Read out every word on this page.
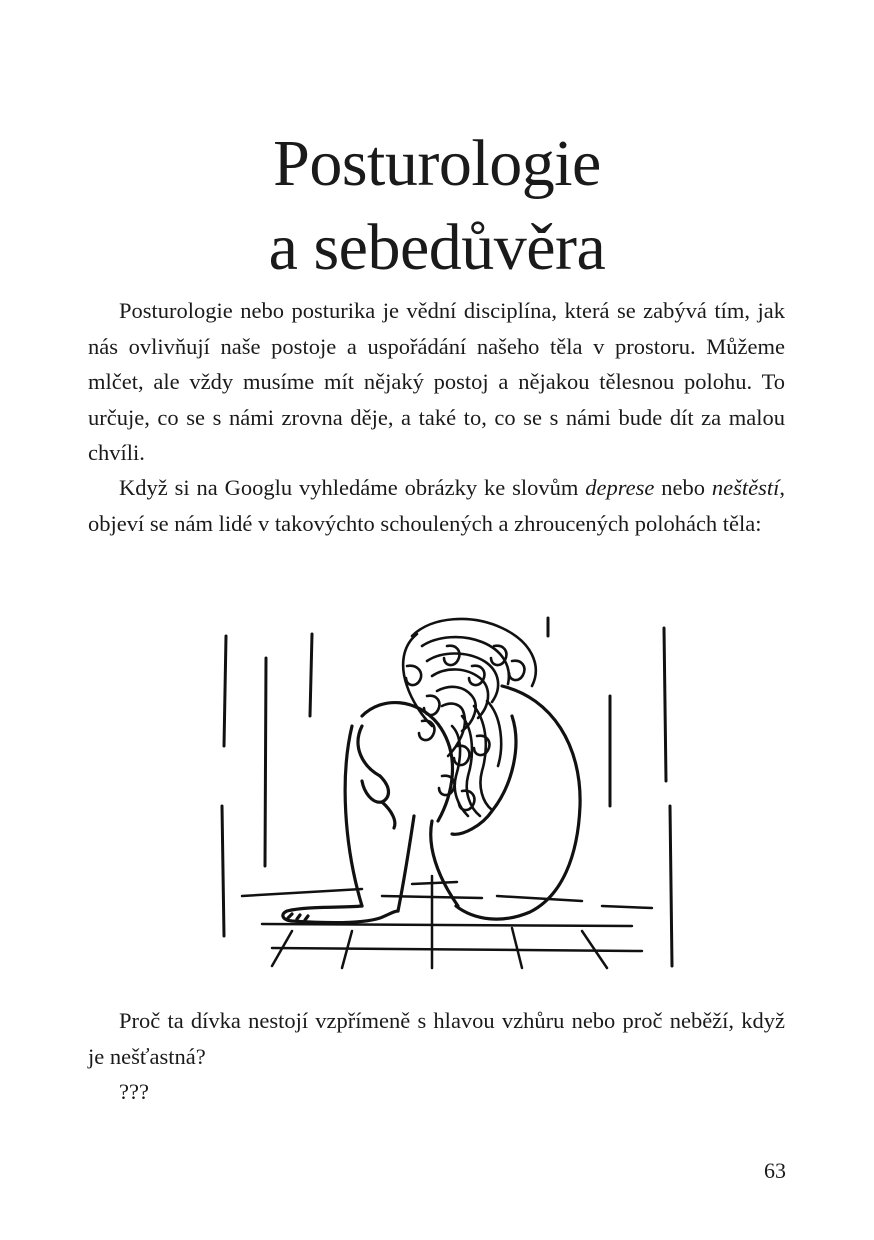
Posturologie
a sebedůvěra

Posturologie nebo posturika je vědní disciplína, která se zabývá tím, jak nás ovlivňují naše postoje a uspořádání našeho těla v prostoru. Můžeme mlčet, ale vždy musíme mít nějaký postoj a nějakou tělesnou polohu. To určuje, co se s námi zrovna děje, a také to, co se s námi bude dít za malou chvíli.

Když si na Googlu vyhledáme obrázky ke slovům deprese nebo neštěstí, objeví se nám lidé v takovýchto schoulených a zhroucených polohách těla:

Proč ta dívka nestojí vzpřímeně s hlavou vzhůru nebo proč neběží, když je nešťastná?

???

63
